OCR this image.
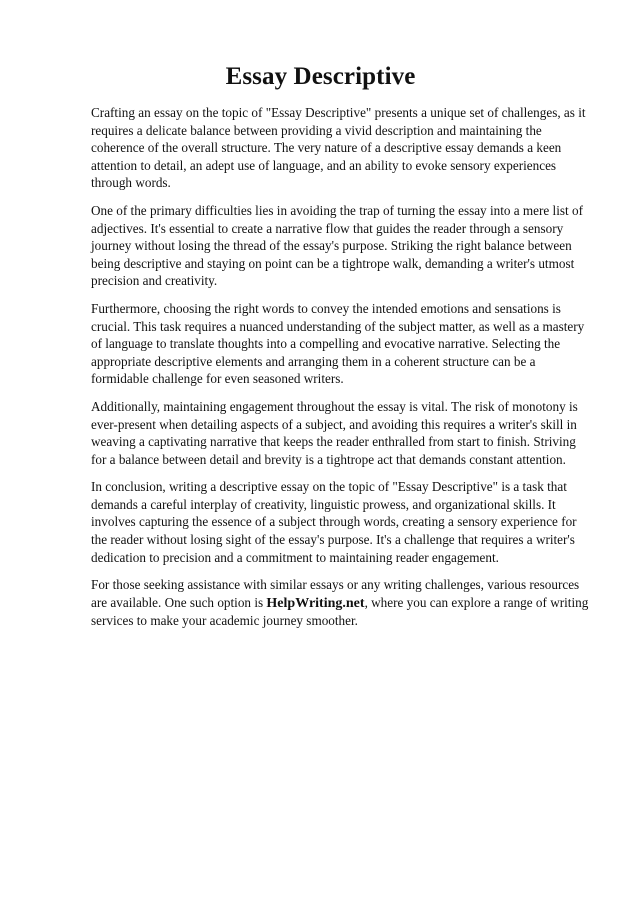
Essay Descriptive

Crafting an essay on the topic of "Essay Descriptive" presents a unique set of challenges, as it requires a delicate balance between providing a vivid description and maintaining the coherence of the overall structure. The very nature of a descriptive essay demands a keen attention to detail, an adept use of language, and an ability to evoke sensory experiences through words.

One of the primary difficulties lies in avoiding the trap of turning the essay into a mere list of adjectives. It's essential to create a narrative flow that guides the reader through a sensory journey without losing the thread of the essay's purpose. Striking the right balance between being descriptive and staying on point can be a tightrope walk, demanding a writer's utmost precision and creativity.

Furthermore, choosing the right words to convey the intended emotions and sensations is crucial. This task requires a nuanced understanding of the subject matter, as well as a mastery of language to translate thoughts into a compelling and evocative narrative. Selecting the appropriate descriptive elements and arranging them in a coherent structure can be a formidable challenge for even seasoned writers.

Additionally, maintaining engagement throughout the essay is vital. The risk of monotony is ever-present when detailing aspects of a subject, and avoiding this requires a writer's skill in weaving a captivating narrative that keeps the reader enthralled from start to finish. Striving for a balance between detail and brevity is a tightrope act that demands constant attention.

In conclusion, writing a descriptive essay on the topic of "Essay Descriptive" is a task that demands a careful interplay of creativity, linguistic prowess, and organizational skills. It involves capturing the essence of a subject through words, creating a sensory experience for the reader without losing sight of the essay's purpose. It's a challenge that requires a writer's dedication to precision and a commitment to maintaining reader engagement.

For those seeking assistance with similar essays or any writing challenges, various resources are available. One such option is HelpWriting.net, where you can explore a range of writing services to make your academic journey smoother.
